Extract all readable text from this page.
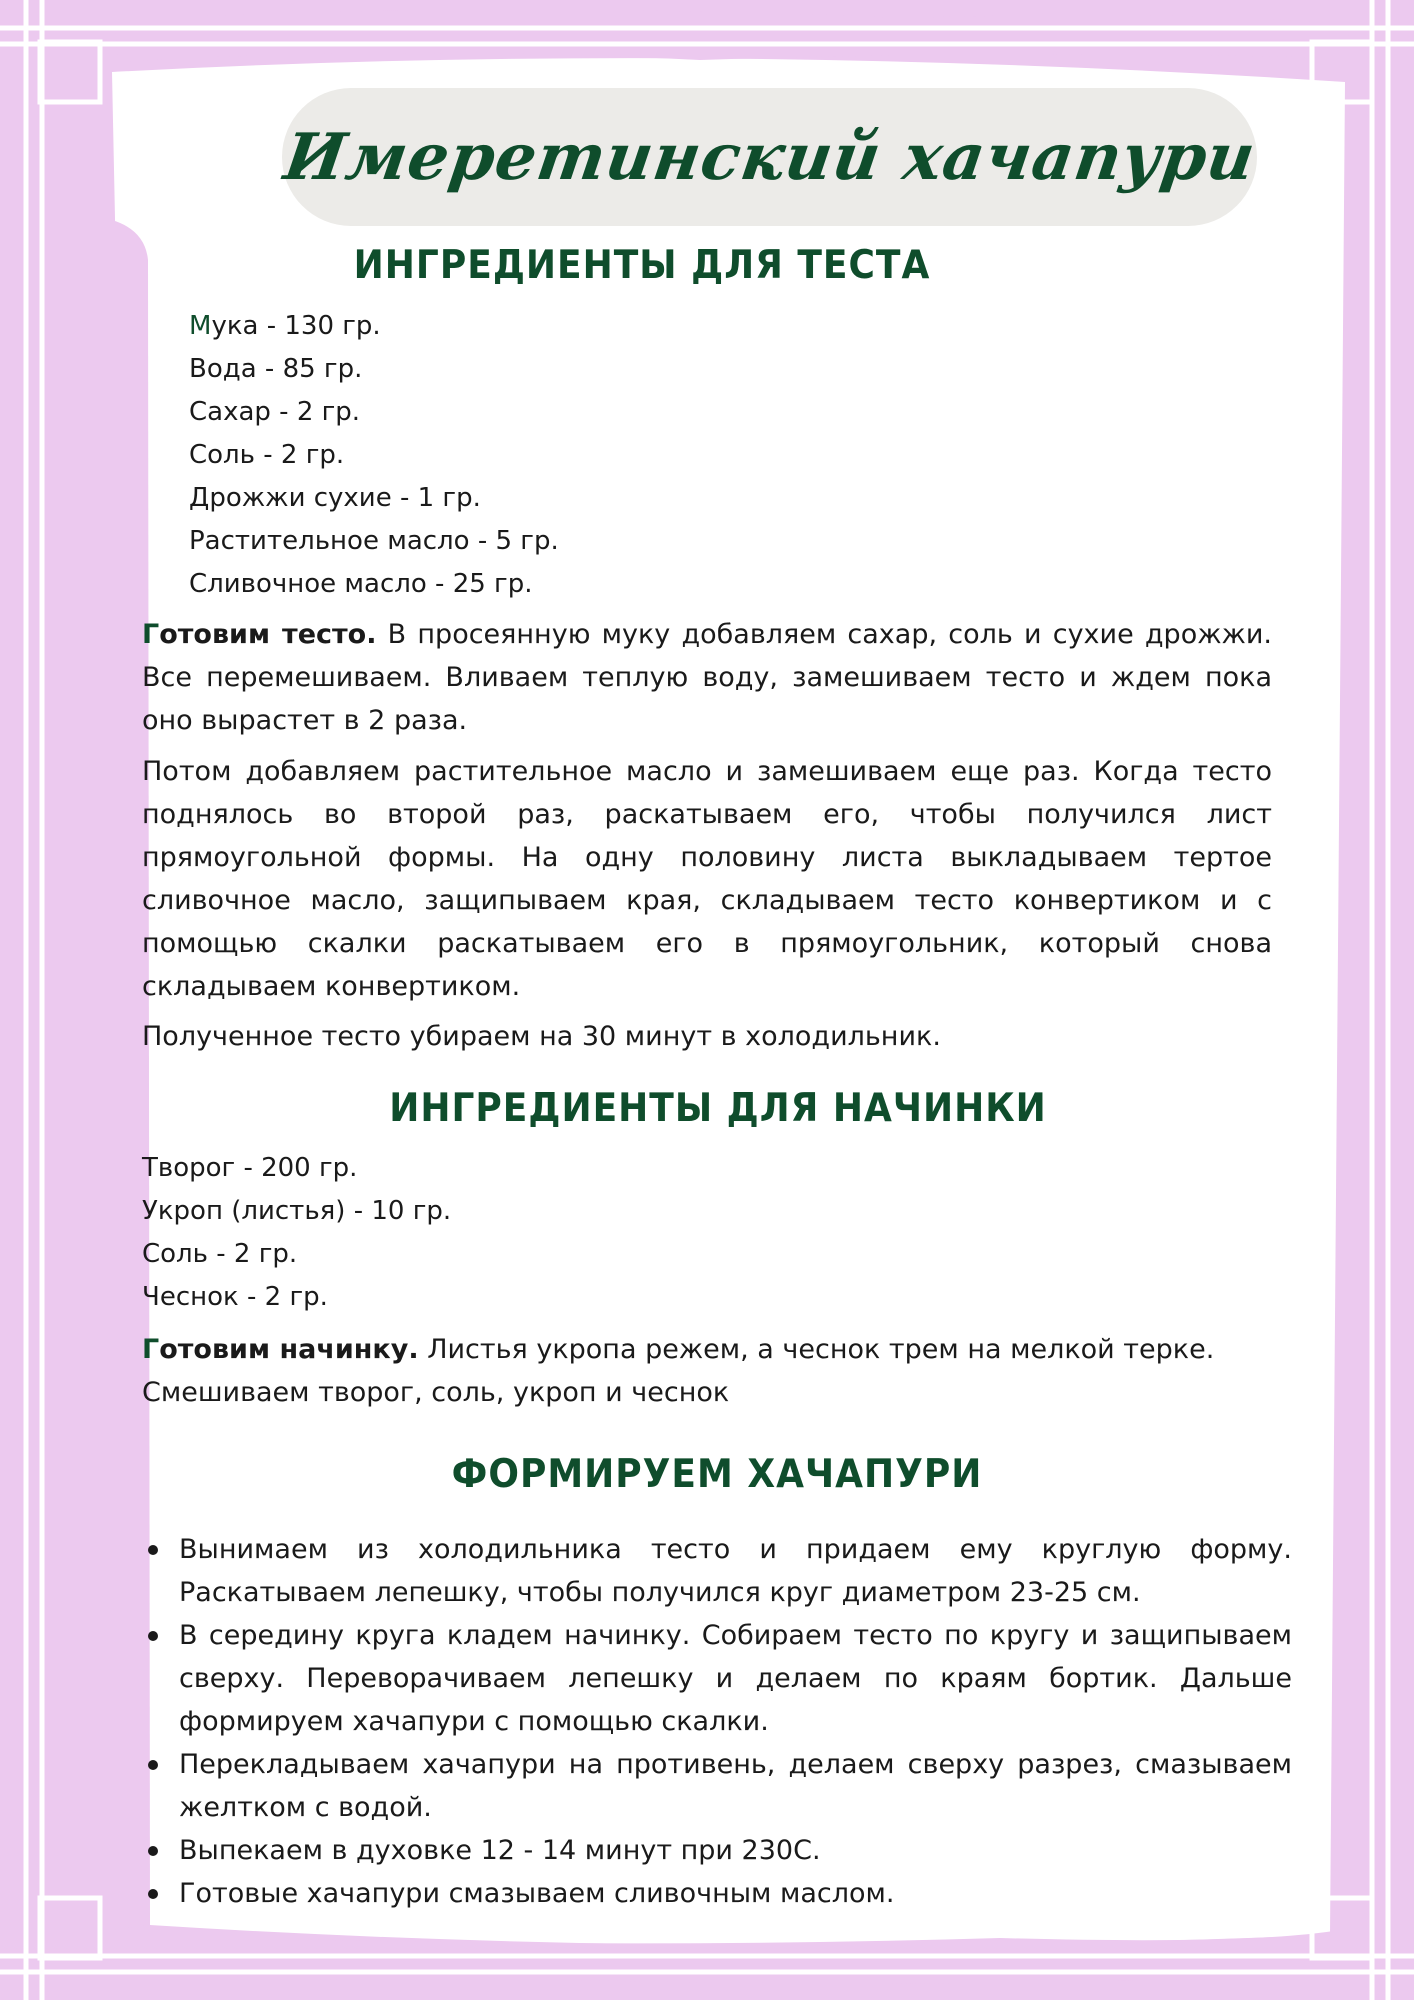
Имеретинский хачапури
ИНГРЕДИЕНТЫ ДЛЯ ТЕСТА
Мука - 130 гр.
Вода - 85 гр.
Сахар - 2 гр.
Соль - 2 гр.
Дрожжи сухие - 1 гр.
Растительное масло - 5 гр.
Сливочное масло - 25 гр.

Готовим тесто. В просеянную муку добавляем сахар, соль и сухие дрожжи. Все перемешиваем. Вливаем теплую воду, замешиваем тесто и ждем пока оно вырастет в 2 раза.

Потом добавляем растительное масло и замешиваем еще раз. Когда тесто поднялось во второй раз, раскатываем его, чтобы получился лист прямоугольной формы. На одну половину листа выкладываем тертое сливочное масло, защипываем края, складываем тесто конвертиком и с помощью скалки раскатываем его в прямоугольник, который снова складываем конвертиком.

Полученное тесто убираем на 30 минут в холодильник.

ИНГРЕДИЕНТЫ ДЛЯ НАЧИНКИ
Творог - 200 гр.
Укроп (листья) - 10 гр.
Соль - 2 гр.
Чеснок - 2 гр.

Готовим начинку. Листья укропа режем, а чеснок трем на мелкой терке. Смешиваем творог, соль, укроп и чеснок

ФОРМИРУЕМ ХАЧАПУРИ
Вынимаем из холодильника тесто и придаем ему круглую форму. Раскатываем лепешку, чтобы получился круг диаметром 23-25 см.
В середину круга кладем начинку. Собираем тесто по кругу и защипываем сверху. Переворачиваем лепешку и делаем по краям бортик. Дальше формируем хачапури с помощью скалки.
Перекладываем хачапури на противень, делаем сверху разрез, смазываем желтком с водой.
Выпекаем в духовке 12 - 14 минут при 230С.
Готовые хачапури смазываем сливочным маслом.
